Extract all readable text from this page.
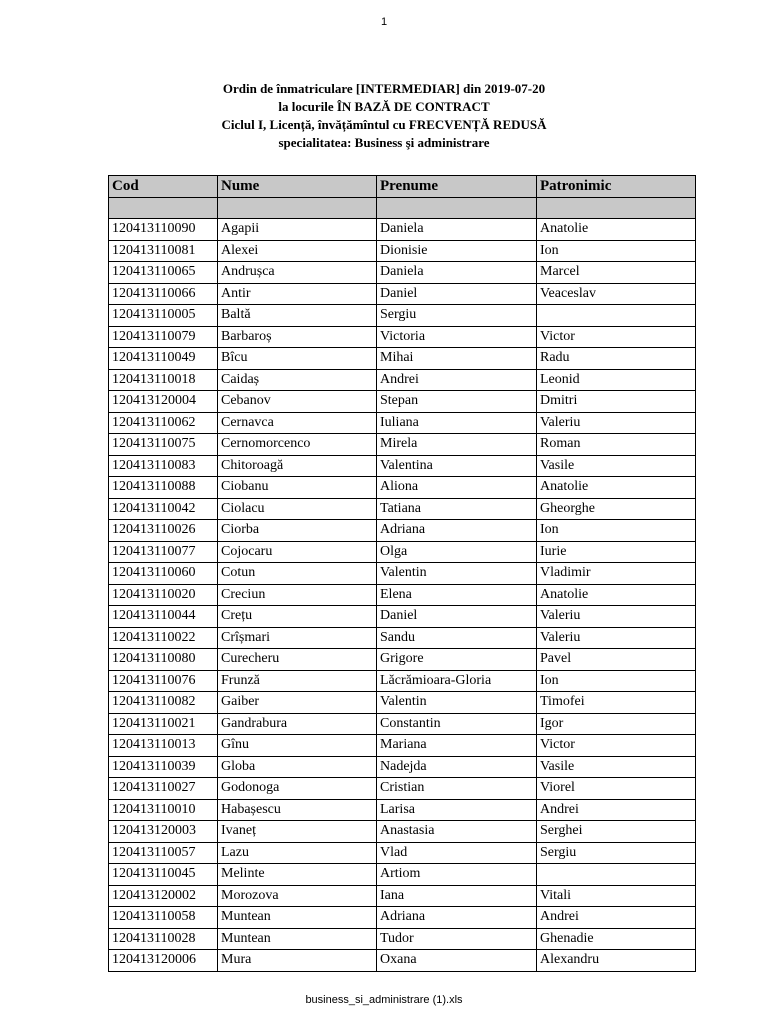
1
Ordin de înmatriculare [INTERMEDIAR] din 2019-07-20
la locurile ÎN BAZĂ DE CONTRACT
Ciclul I, Licență, învățămîntul cu FRECVENȚĂ REDUSĂ
specialitatea: Business şi administrare
Cod	Nume	Prenume	Patronimic

120413110090	Agapii	Daniela	Anatolie
120413110081	Alexei	Dionisie	Ion
120413110065	Andrușca	Daniela	Marcel
120413110066	Antir	Daniel	Veaceslav
120413110005	Baltă	Sergiu	
120413110079	Barbaroș	Victoria	Victor
120413110049	Bîcu	Mihai	Radu
120413110018	Caidaș	Andrei	Leonid
120413120004	Cebanov	Stepan	Dmitri
120413110062	Cernavca	Iuliana	Valeriu
120413110075	Cernomorcenco	Mirela	Roman
120413110083	Chitoroagă	Valentina	Vasile
120413110088	Ciobanu	Aliona	Anatolie
120413110042	Ciolacu	Tatiana	Gheorghe
120413110026	Ciorba	Adriana	Ion
120413110077	Cojocaru	Olga	Iurie
120413110060	Cotun	Valentin	Vladimir
120413110020	Creciun	Elena	Anatolie
120413110044	Crețu	Daniel	Valeriu
120413110022	Crîșmari	Sandu	Valeriu
120413110080	Curecheru	Grigore	Pavel
120413110076	Frunză	Lăcrămioara-Gloria	Ion
120413110082	Gaiber	Valentin	Timofei
120413110021	Gandrabura	Constantin	Igor
120413110013	Gînu	Mariana	Victor
120413110039	Globa	Nadejda	Vasile
120413110027	Godonoga	Cristian	Viorel
120413110010	Habașescu	Larisa	Andrei
120413120003	Ivaneț	Anastasia	Serghei
120413110057	Lazu	Vlad	Sergiu
120413110045	Melinte	Artiom	
120413120002	Morozova	Iana	Vitali
120413110058	Muntean	Adriana	Andrei
120413110028	Muntean	Tudor	Ghenadie
120413120006	Mura	Oxana	Alexandru
business_si_administrare (1).xls
